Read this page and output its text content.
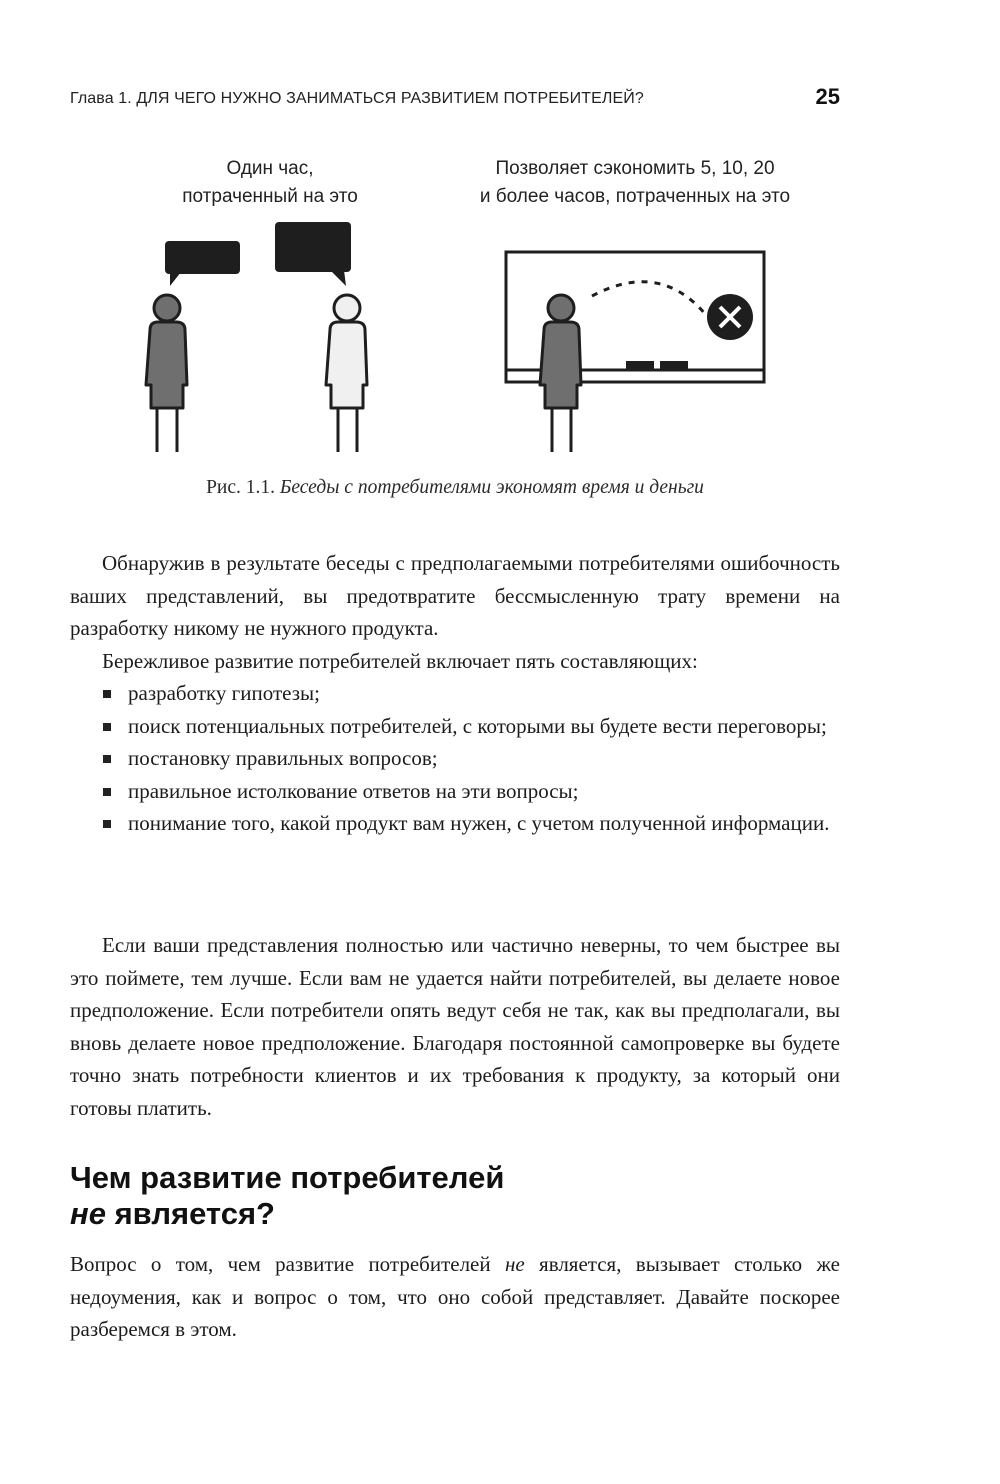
Глава 1. ДЛЯ ЧЕГО НУЖНО ЗАНИМАТЬСЯ РАЗВИТИЕМ ПОТРЕБИТЕЛЕЙ?	25
Один час,
потраченный на это
Позволяет сэкономить 5, 10, 20
и более часов, потраченных на это
Рис. 1.1. Беседы с потребителями экономят время и деньги

Обнаружив в результате беседы с предполагаемыми потребителями ошибочность ваших представлений, вы предотвратите бессмысленную трату времени на разработку никому не нужного продукта.

Бережливое развитие потребителей включает пять составляющих:

разработку гипотезы;
поиск потенциальных потребителей, с которыми вы будете вести переговоры;
постановку правильных вопросов;
правильное истолкование ответов на эти вопросы;
понимание того, какой продукт вам нужен, с учетом полученной информации.

Если ваши представления полностью или частично неверны, то чем быстрее вы это поймете, тем лучше. Если вам не удается найти потребителей, вы делаете новое предположение. Если потребители опять ведут себя не так, как вы предполагали, вы вновь делаете новое предположение. Благодаря постоянной самопроверке вы будете точно знать потребности клиентов и их требования к продукту, за который они готовы платить.

Чем развитие потребителей
не является?

Вопрос о том, чем развитие потребителей не является, вызывает столько же недоумения, как и вопрос о том, что оно собой представляет. Давайте поскорее разберемся в этом.
